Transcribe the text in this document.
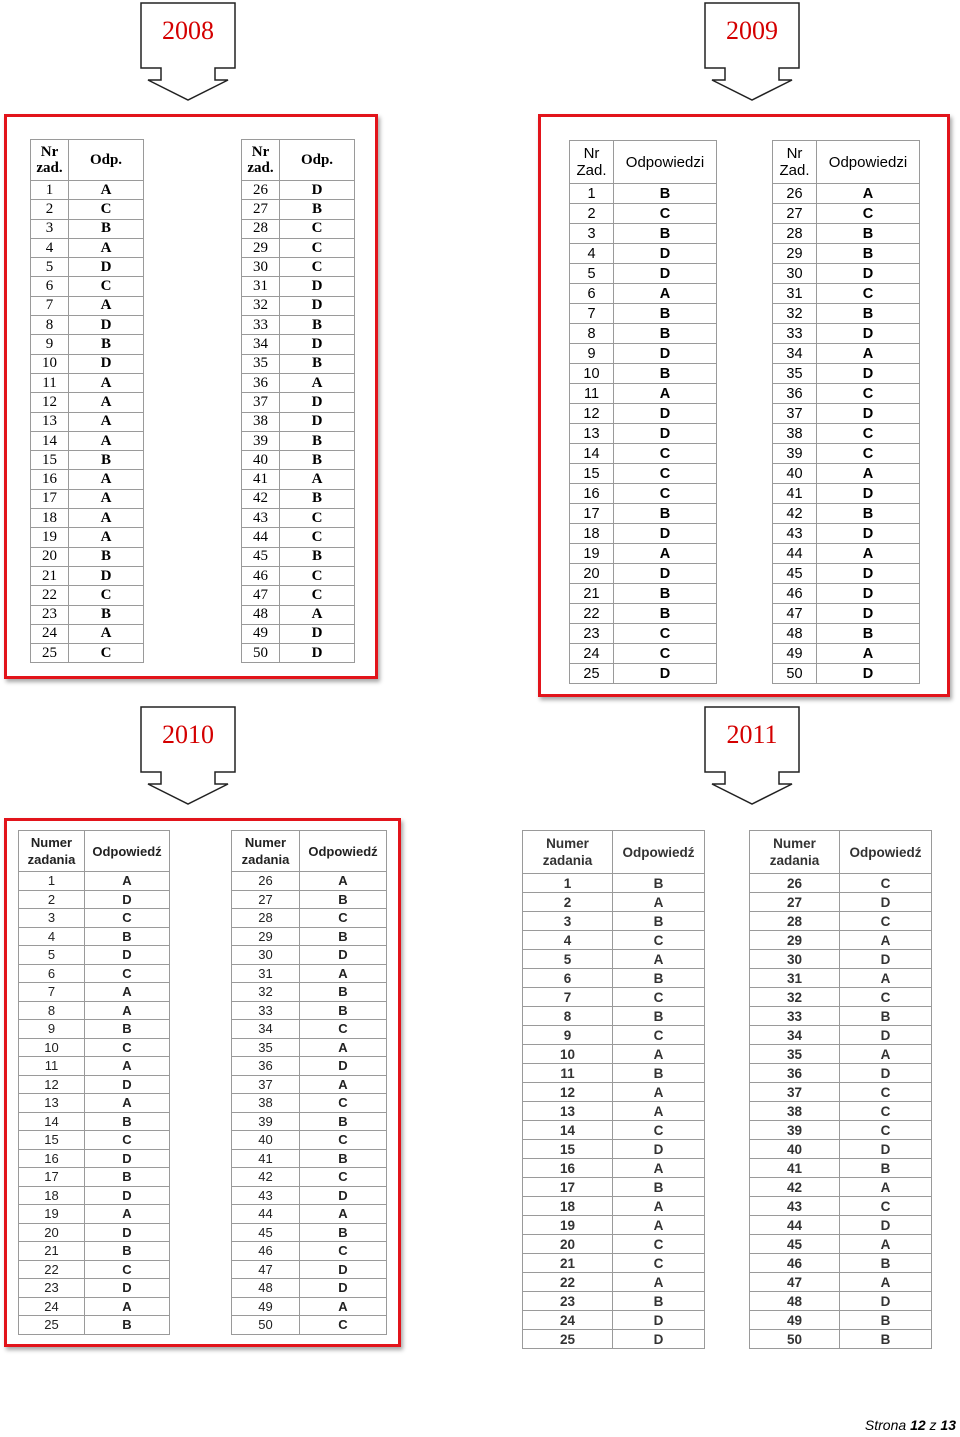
2008	2009
2010	2011
Nr zad.	Odp.
1	A
2	C
3	B
4	A
5	D
6	C
7	A
8	D
9	B
10	D
11	A
12	A
13	A
14	A
15	B
16	A
17	A
18	A
19	A
20	B
21	D
22	C
23	B
24	A
25	C
Nr zad.	Odp.
26	D
27	B
28	C
29	C
30	C
31	D
32	D
33	B
34	D
35	B
36	A
37	D
38	D
39	B
40	B
41	A
42	B
43	C
44	C
45	B
46	C
47	C
48	A
49	D
50	D
Nr Zad.	Odpowiedzi
1	B
2	C
3	B
4	D
5	D
6	A
7	B
8	B
9	D
10	B
11	A
12	D
13	D
14	C
15	C
16	C
17	B
18	D
19	A
20	D
21	B
22	B
23	C
24	C
25	D
Nr Zad.	Odpowiedzi
26	A
27	C
28	B
29	B
30	D
31	C
32	B
33	D
34	A
35	D
36	C
37	D
38	C
39	C
40	A
41	D
42	B
43	D
44	A
45	D
46	D
47	D
48	B
49	A
50	D
Numer zadania	Odpowiedź
1	A
2	D
3	C
4	B
5	D
6	C
7	A
8	A
9	B
10	C
11	A
12	D
13	A
14	B
15	C
16	D
17	B
18	D
19	A
20	D
21	B
22	C
23	D
24	A
25	B
Numer zadania	Odpowiedź
26	A
27	B
28	C
29	B
30	D
31	A
32	B
33	B
34	C
35	A
36	D
37	A
38	C
39	B
40	C
41	B
42	C
43	D
44	A
45	B
46	C
47	D
48	D
49	A
50	C
Numer zadania	Odpowiedź
1	B
2	A
3	B
4	C
5	A
6	B
7	C
8	B
9	C
10	A
11	B
12	A
13	A
14	C
15	D
16	A
17	B
18	A
19	A
20	C
21	C
22	A
23	B
24	D
25	D
Numer zadania	Odpowiedź
26	C
27	D
28	C
29	A
30	D
31	A
32	C
33	B
34	D
35	A
36	D
37	C
38	C
39	C
40	D
41	B
42	A
43	C
44	D
45	A
46	B
47	A
48	D
49	B
50	B
Strona 12 z 13
